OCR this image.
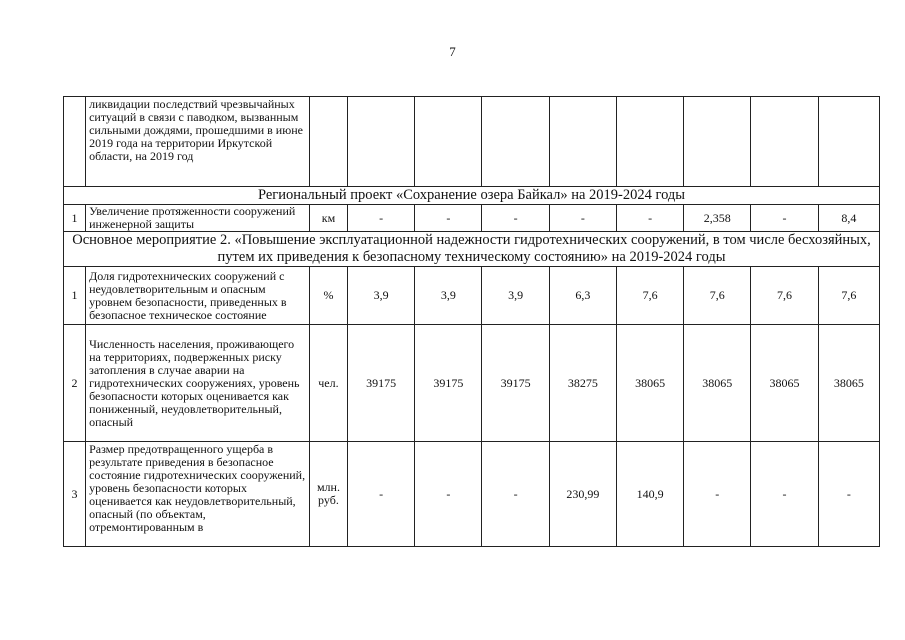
7
	ликвидации последствий чрезвычайных ситуаций в связи с паводком, вызванным сильными дождями, прошедшими в июне 2019 года на территории Иркутской области, на 2019 год									
Региональный проект «Сохранение озера Байкал» на 2019-2024 годы										
1	Увеличение протяженности сооружений инженерной защиты	км	-	-	-	-	-	2,358	-	8,4
Основное мероприятие 2. «Повышение эксплуатационной надежности гидротехнических сооружений, в том числе бесхозяйных, путем их приведения к безопасному техническому состоянию» на 2019-2024 годы										
1	Доля гидротехнических сооружений с неудовлетворительным и опасным уровнем безопасности, приведенных в безопасное техническое состояние	%	3,9	3,9	3,9	6,3	7,6	7,6	7,6	7,6
2	Численность населения, проживающего на территориях, подверженных риску затопления в случае аварии на гидротехнических сооружениях, уровень безопасности которых оценивается как пониженный, неудовлетворительный, опасный	чел.	39175	39175	39175	38275	38065	38065	38065	38065
3	Размер предотвращенного ущерба в результате приведения в безопасное состояние гидротехнических сооружений, уровень безопасности которых оценивается как неудовлетворительный, опасный (по объектам, отремонтированным в	млн. руб.	-	-	-	230,99	140,9	-	-	-
